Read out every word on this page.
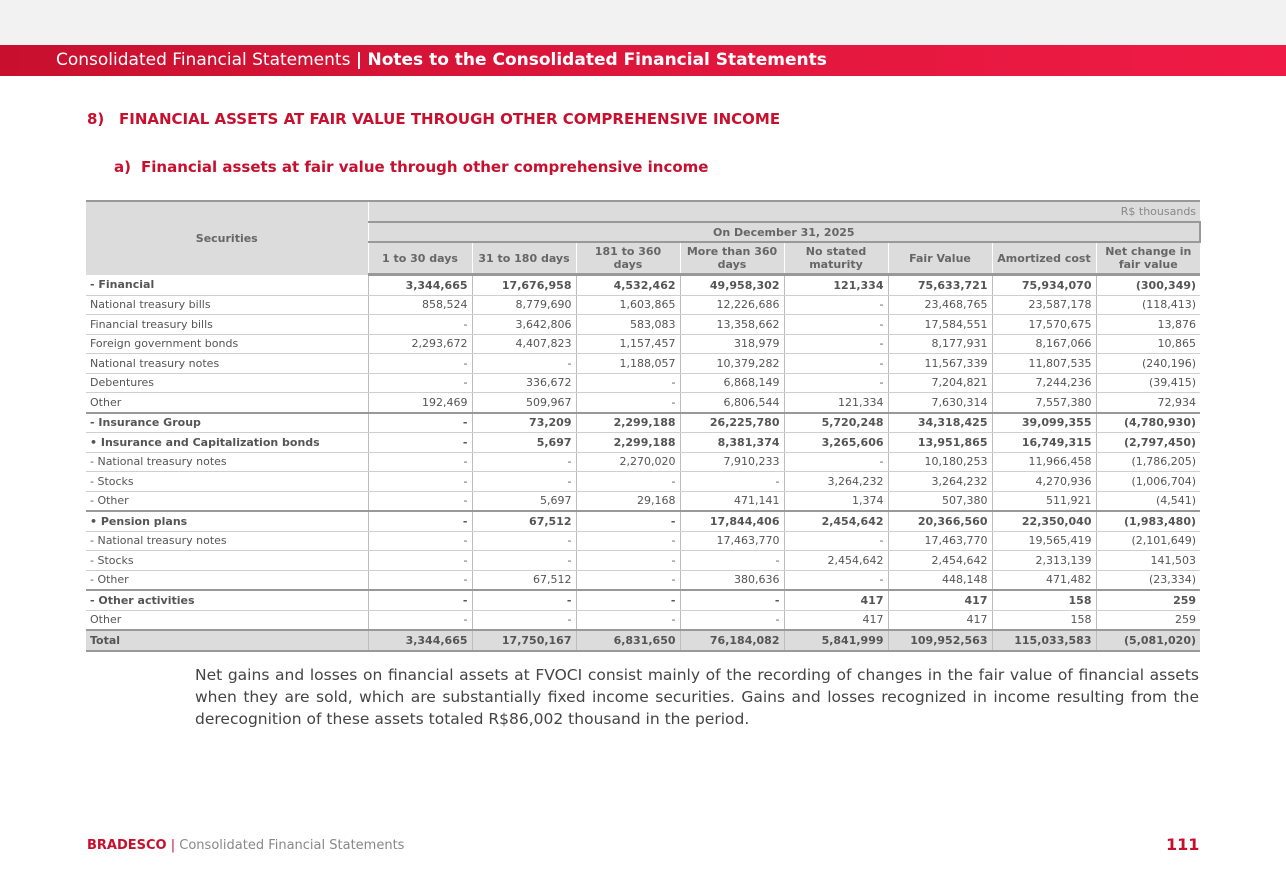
Consolidated Financial Statements | Notes to the Consolidated Financial Statements
8) FINANCIAL ASSETS AT FAIR VALUE THROUGH OTHER COMPREHENSIVE INCOME
a) Financial assets at fair value through other comprehensive income
Securities	R$ thousands							
	On December 31, 2025							
	1 to 30 days	31 to 180 days	181 to 360 days	More than 360 days	No stated maturity	Fair Value	Amortized cost	Net change in fair value
- Financial	3,344,665	17,676,958	4,532,462	49,958,302	121,334	75,633,721	75,934,070	(300,349)
National treasury bills	858,524	8,779,690	1,603,865	12,226,686	-	23,468,765	23,587,178	(118,413)
Financial treasury bills	-	3,642,806	583,083	13,358,662	-	17,584,551	17,570,675	13,876
Foreign government bonds	2,293,672	4,407,823	1,157,457	318,979	-	8,177,931	8,167,066	10,865
National treasury notes	-	-	1,188,057	10,379,282	-	11,567,339	11,807,535	(240,196)
Debentures	-	336,672	-	6,868,149	-	7,204,821	7,244,236	(39,415)
Other	192,469	509,967	-	6,806,544	121,334	7,630,314	7,557,380	72,934
- Insurance Group	-	73,209	2,299,188	26,225,780	5,720,248	34,318,425	39,099,355	(4,780,930)
• Insurance and Capitalization bonds	-	5,697	2,299,188	8,381,374	3,265,606	13,951,865	16,749,315	(2,797,450)
- National treasury notes	-	-	2,270,020	7,910,233	-	10,180,253	11,966,458	(1,786,205)
- Stocks	-	-	-	-	3,264,232	3,264,232	4,270,936	(1,006,704)
- Other	-	5,697	29,168	471,141	1,374	507,380	511,921	(4,541)
• Pension plans	-	67,512	-	17,844,406	2,454,642	20,366,560	22,350,040	(1,983,480)
- National treasury notes	-	-	-	17,463,770	-	17,463,770	19,565,419	(2,101,649)
- Stocks	-	-	-	-	2,454,642	2,454,642	2,313,139	141,503
- Other	-	67,512	-	380,636	-	448,148	471,482	(23,334)
- Other activities	-	-	-	-	417	417	158	259
Other	-	-	-	-	417	417	158	259
Total	3,344,665	17,750,167	6,831,650	76,184,082	5,841,999	109,952,563	115,033,583	(5,081,020)
Net gains and losses on financial assets at FVOCI consist mainly of the recording of changes in the fair value of financial assets when they are sold, which are substantially fixed income securities. Gains and losses recognized in income resulting from the derecognition of these assets totaled R$86,002 thousand in the period.
BRADESCO | Consolidated Financial Statements	111
